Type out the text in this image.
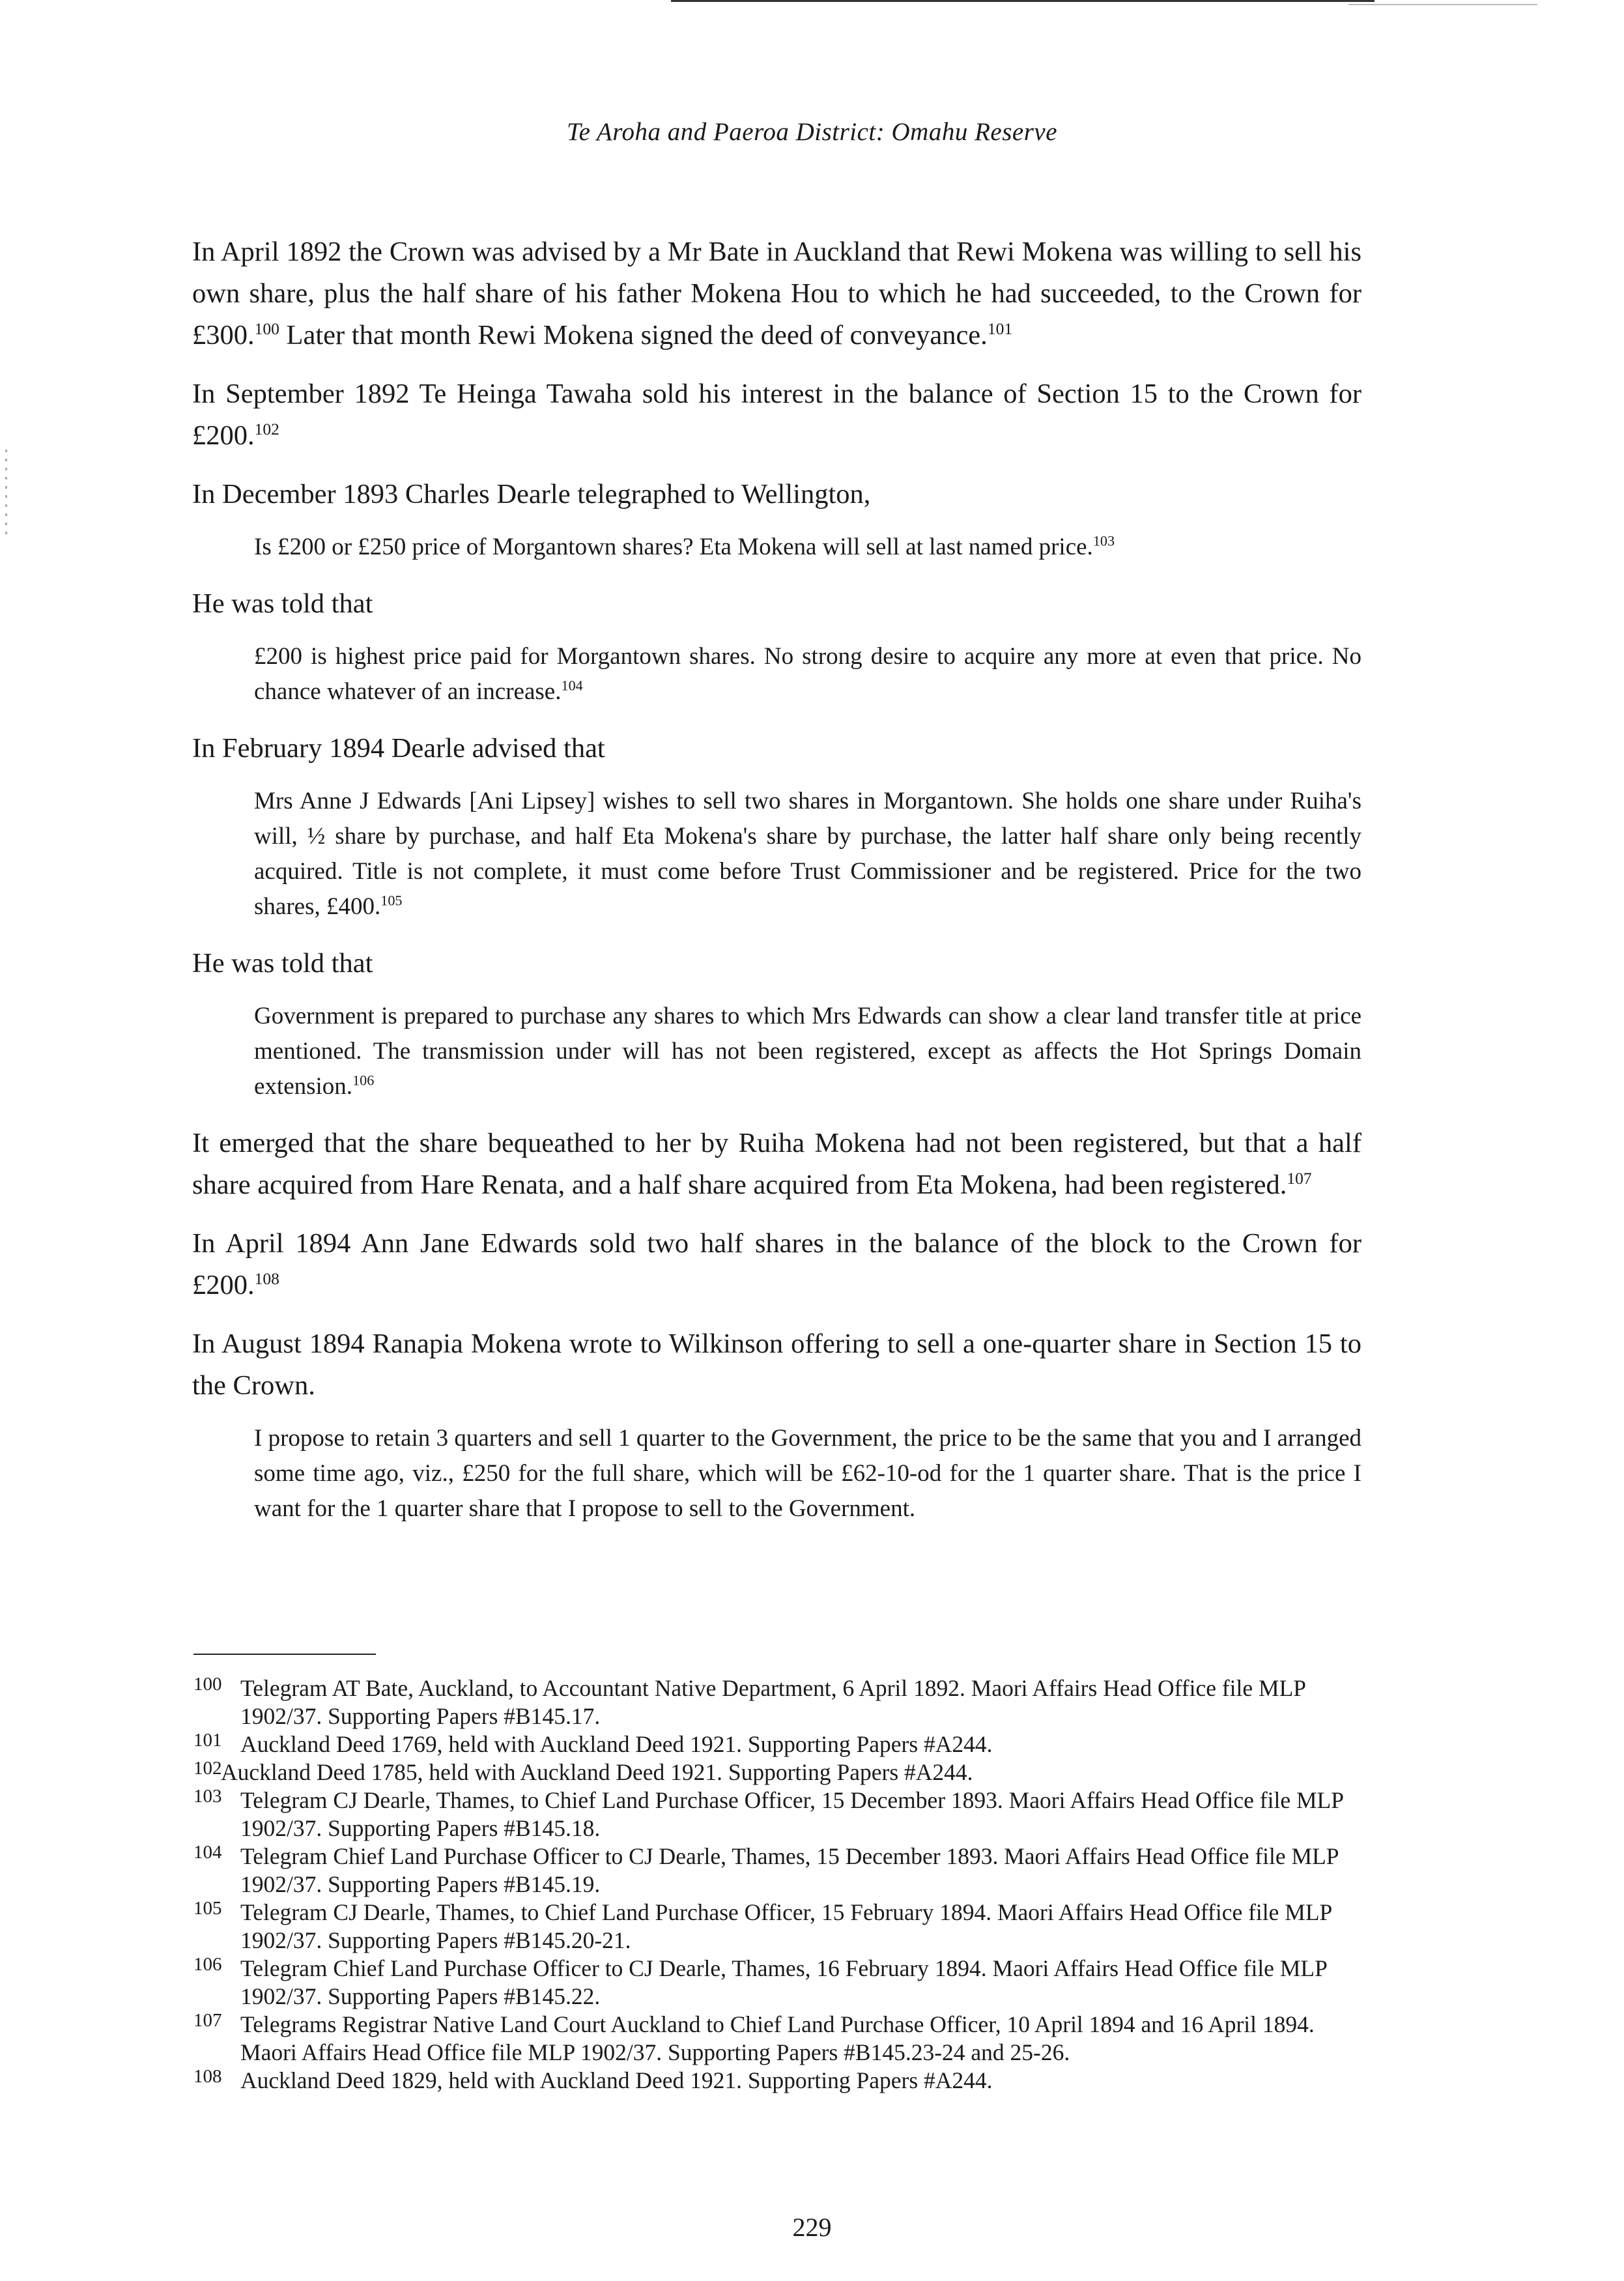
Te Aroha and Paeroa District: Omahu Reserve

In April 1892 the Crown was advised by a Mr Bate in Auckland that Rewi Mokena was willing to sell his own share, plus the half share of his father Mokena Hou to which he had succeeded, to the Crown for £300.$^{100}$ Later that month Rewi Mokena signed the deed of conveyance.$^{101}$

In September 1892 Te Heinga Tawaha sold his interest in the balance of Section 15 to the Crown for £200.$^{102}$

In December 1893 Charles Dearle telegraphed to Wellington,

Is £200 or £250 price of Morgantown shares? Eta Mokena will sell at last named price.$^{103}$

He was told that

£200 is highest price paid for Morgantown shares. No strong desire to acquire any more at even that price. No chance whatever of an increase.$^{104}$

In February 1894 Dearle advised that

Mrs Anne J Edwards [Ani Lipsey] wishes to sell two shares in Morgantown. She holds one share under Ruiha's will, ½ share by purchase, and half Eta Mokena's share by purchase, the latter half share only being recently acquired. Title is not complete, it must come before Trust Commissioner and be registered. Price for the two shares, £400.$^{105}$

He was told that

Government is prepared to purchase any shares to which Mrs Edwards can show a clear land transfer title at price mentioned. The transmission under will has not been registered, except as affects the Hot Springs Domain extension.$^{106}$

It emerged that the share bequeathed to her by Ruiha Mokena had not been registered, but that a half share acquired from Hare Renata, and a half share acquired from Eta Mokena, had been registered.$^{107}$

In April 1894 Ann Jane Edwards sold two half shares in the balance of the block to the Crown for £200.$^{108}$

In August 1894 Ranapia Mokena wrote to Wilkinson offering to sell a one-quarter share in Section 15 to the Crown.

I propose to retain 3 quarters and sell 1 quarter to the Government, the price to be the same that you and I arranged some time ago, viz., £250 for the full share, which will be £62-10-od for the 1 quarter share. That is the price I want for the 1 quarter share that I propose to sell to the Government.

100 Telegram AT Bate, Auckland, to Accountant Native Department, 6 April 1892. Maori Affairs Head Office file MLP 1902/37. Supporting Papers #B145.17.
101 Auckland Deed 1769, held with Auckland Deed 1921. Supporting Papers #A244.
102
Auckland Deed 1785, held with Auckland Deed 1921. Supporting Papers #A244.
103 Telegram CJ Dearle, Thames, to Chief Land Purchase Officer, 15 December 1893. Maori Affairs Head Office file MLP 1902/37. Supporting Papers #B145.18.
104 Telegram Chief Land Purchase Officer to CJ Dearle, Thames, 15 December 1893. Maori Affairs Head Office file MLP 1902/37. Supporting Papers #B145.19.
105 Telegram CJ Dearle, Thames, to Chief Land Purchase Officer, 15 February 1894. Maori Affairs Head Office file MLP 1902/37. Supporting Papers #B145.20-21.
106 Telegram Chief Land Purchase Officer to CJ Dearle, Thames, 16 February 1894. Maori Affairs Head Office file MLP 1902/37. Supporting Papers #B145.22.
107 Telegrams Registrar Native Land Court Auckland to Chief Land Purchase Officer, 10 April 1894 and 16 April 1894. Maori Affairs Head Office file MLP 1902/37. Supporting Papers #B145.23-24 and 25-26.
108 Auckland Deed 1829, held with Auckland Deed 1921. Supporting Papers #A244.
229
